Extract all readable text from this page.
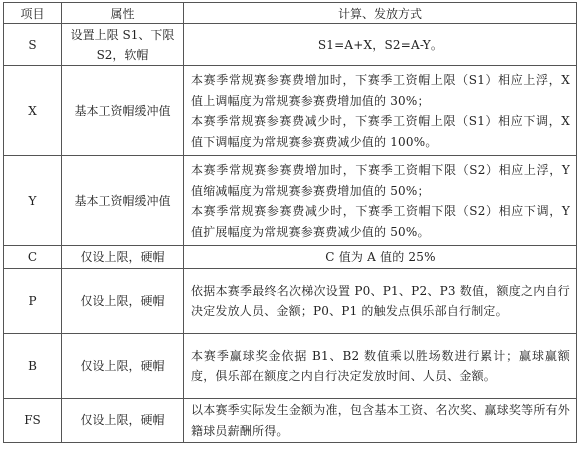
项目	属性	计算、发放方式
S	设置上限 S1、下限 S2，软帽	S1=A+X，S2=A-Y。

X	基本工资帽缓冲值	本赛季常规赛参赛费增加时，下赛季工资帽上限（S1）相应上浮，X 值上调幅度为常规赛参赛费增加值的 30%；
本赛季常规赛参赛费减少时，下赛季工资帽上限（S1）相应下调，X 值下调幅度为常规赛参赛费减少值的 100%。

Y	基本工资帽缓冲值	本赛季常规赛参赛费增加时，下赛季工资帽下限（S2）相应上浮，Y 值缩减幅度为常规赛参赛费增加值的 50%；
本赛季常规赛参赛费减少时，下赛季工资帽下限（S2）相应下调，Y 值扩展幅度为常规赛参赛费减少值的 50%。

C	仅设上限，硬帽	C 值为 A 值的 25%

P	仅设上限，硬帽	依据本赛季最终名次梯次设置 P0、P1、P2、P3 数值，额度之内自行决定发放人员、金额；P0、P1 的触发点俱乐部自行制定。

B	仅设上限，硬帽	本赛季赢球奖金依据 B1、B2 数值乘以胜场数进行累计；赢球赢额度，俱乐部在额度之内自行决定发放时间、人员、金额。

FS	仅设上限，硬帽	以本赛季实际发生金额为准，包含基本工资、名次奖、赢球奖等所有外籍球员薪酬所得。
